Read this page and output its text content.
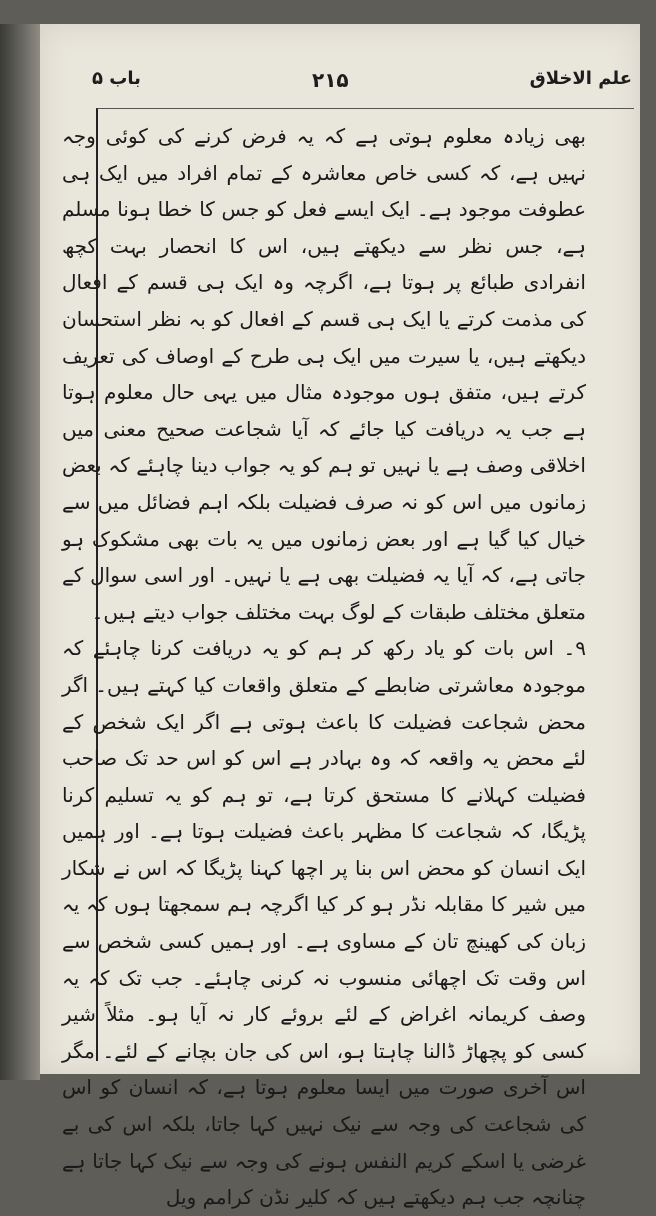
علم الاخلاق
۲۱۵
باب ۵

بھی زیادہ معلوم ہوتی ہے کہ یہ فرض کرنے کی کوئی وجہ نہیں ہے، کہ کسی خاص معاشرہ کے تمام افراد میں ایک ہی عطوفت موجود ہے۔ ایک ایسے فعل کو جس کا خطا ہونا مسلم ہے، جس نظر سے دیکھتے ہیں، اس کا انحصار بہت کچھ انفرادی طبائع پر ہوتا ہے، اگرچہ وہ ایک ہی قسم کے افعال کی مذمت کرتے یا ایک ہی قسم کے افعال کو بہ نظر استحسان دیکھتے ہیں، یا سیرت میں ایک ہی طرح کے اوصاف کی تعریف کرتے ہیں، متفق ہوں موجودہ مثال میں یہی حال معلوم ہوتا ہے جب یہ دریافت کیا جائے کہ آیا شجاعت صحیح معنی میں اخلاقی وصف ہے یا نہیں تو ہم کو یہ جواب دینا چاہئے کہ بعض زمانوں میں اس کو نہ صرف فضیلت بلکہ اہم فضائل میں سے خیال کیا گیا ہے اور بعض زمانوں میں یہ بات بھی مشکوک ہو جاتی ہے، کہ آیا یہ فضیلت بھی ہے یا نہیں۔ اور اسی سوال کے متعلق مختلف طبقات کے لوگ بہت مختلف جواب دیتے ہیں۔

۹۔ اس بات کو یاد رکھ کر ہم کو یہ دریافت کرنا چاہئے کہ موجودہ معاشرتی ضابطے کے متعلق واقعات کیا کہتے ہیں۔ اگر محض شجاعت فضیلت کا باعث ہوتی ہے اگر ایک شخص کے لئے محض یہ واقعہ کہ وہ بہادر ہے اس کو اس حد تک صاحب فضیلت کہلانے کا مستحق کرتا ہے، تو ہم کو یہ تسلیم کرنا پڑیگا، کہ شجاعت کا مظہر باعث فضیلت ہوتا ہے۔ اور ہمیں ایک انسان کو محض اس بنا پر اچھا کہنا پڑیگا کہ اس نے شکار میں شیر کا مقابلہ نڈر ہو کر کیا اگرچہ ہم سمجھتا ہوں کہ یہ زبان کی کھینچ تان کے مساوی ہے۔ اور ہمیں کسی شخص سے اس وقت تک اچھائی منسوب نہ کرنی چاہئے۔ جب تک کہ یہ وصف کریمانہ اغراض کے لئے بروئے کار نہ آیا ہو۔ مثلاً شیر کسی کو پچھاڑ ڈالنا چاہتا ہو، اس کی جان بچانے کے لئے۔ مگر اس آخری صورت میں ایسا معلوم ہوتا ہے، کہ انسان کو اس کی شجاعت کی وجہ سے نیک نہیں کہا جاتا، بلکہ اس کی بے غرضی یا اسکے کریم النفس ہونے کی وجہ سے نیک کہا جاتا ہے چنانچہ جب ہم دیکھتے ہیں کہ کلیر نڈن کرامم ویل
